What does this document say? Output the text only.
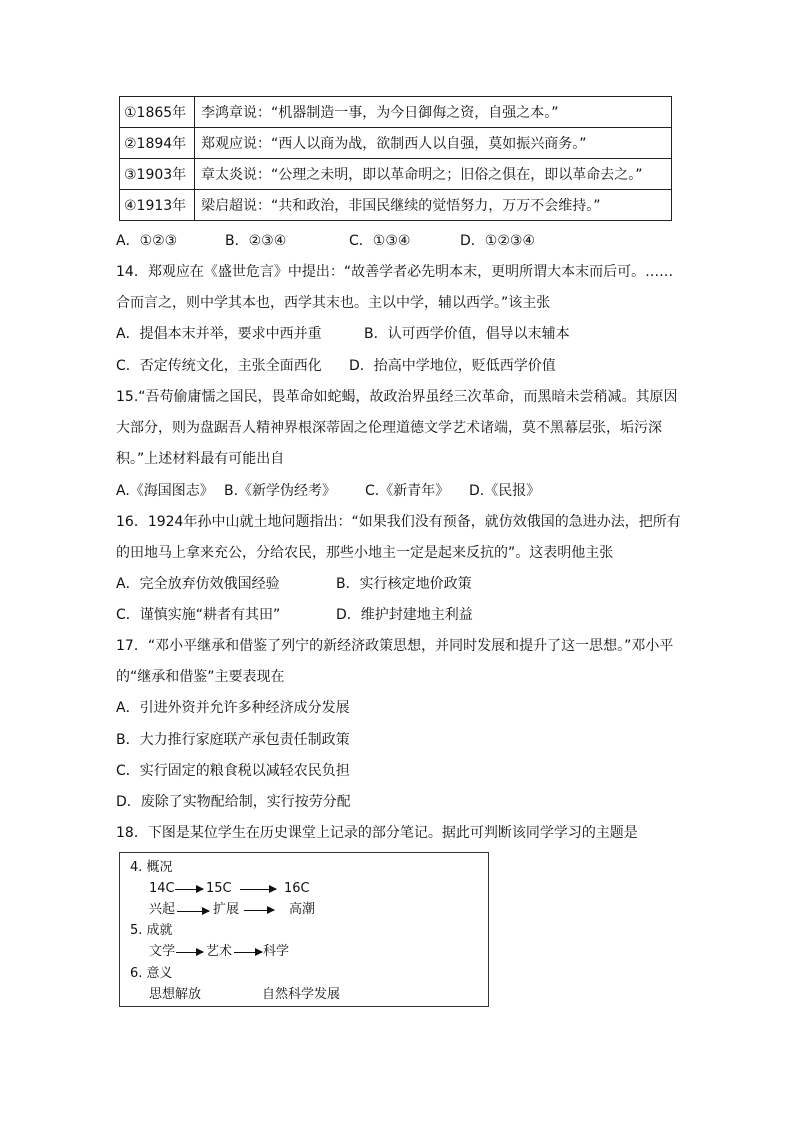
①1865年	李鸿章说：“机器制造一事，为今日御侮之资，自强之本。”
②1894年	郑观应说：“西人以商为战，欲制西人以自强，莫如振兴商务。”
③1903年	章太炎说：“公理之未明，即以革命明之；旧俗之俱在，即以革命去之。”
④1913年	梁启超说：“共和政治，非国民继续的觉悟努力，万万不会维持。”
A．①②③	B．②③④	C．①③④	D．①②③④
14．郑观应在《盛世危言》中提出：“故善学者必先明本末，更明所谓大本末而后可。……
合而言之，则中学其本也，西学其末也。主以中学，辅以西学。”该主张
A．提倡本末并举，要求中西并重	B．认可西学价值，倡导以末辅本
C．否定传统文化，主张全面西化 D．抬高中学地位，贬低西学价值
15.“吾苟偷庸懦之国民，畏革命如蛇蝎，故政治界虽经三次革命，而黑暗未尝稍减。其原因
大部分，则为盘踞吾人精神界根深蒂固之伦理道德文学艺术诸端，莫不黑幕层张，垢污深
积。”上述材料最有可能出自
A.《海国图志》 B.《新学伪经考》 C.《新青年》 D.《民报》
16．1924年孙中山就土地问题指出：“如果我们没有预备，就仿效俄国的急进办法，把所有
的田地马上拿来充公，分给农民，那些小地主一定是起来反抗的”。这表明他主张
A．完全放弃仿效俄国经验	B．实行核定地价政策
C．谨慎实施“耕者有其田”	D．维护封建地主利益
17．“邓小平继承和借鉴了列宁的新经济政策思想，并同时发展和提升了这一思想。”邓小平
的“继承和借鉴”主要表现在
A．引进外资并允许多种经济成分发展
B．大力推行家庭联产承包责任制政策
C．实行固定的粮食税以减轻农民负担
D．废除了实物配给制，实行按劳分配
18．下图是某位学生在历史课堂上记录的部分笔记。据此可判断该同学学习的主题是
4. 概况
14C 15C	16C
兴起	扩展	高潮
5. 成就
文学 艺术 科学
6. 意义
思想解放	自然科学发展
